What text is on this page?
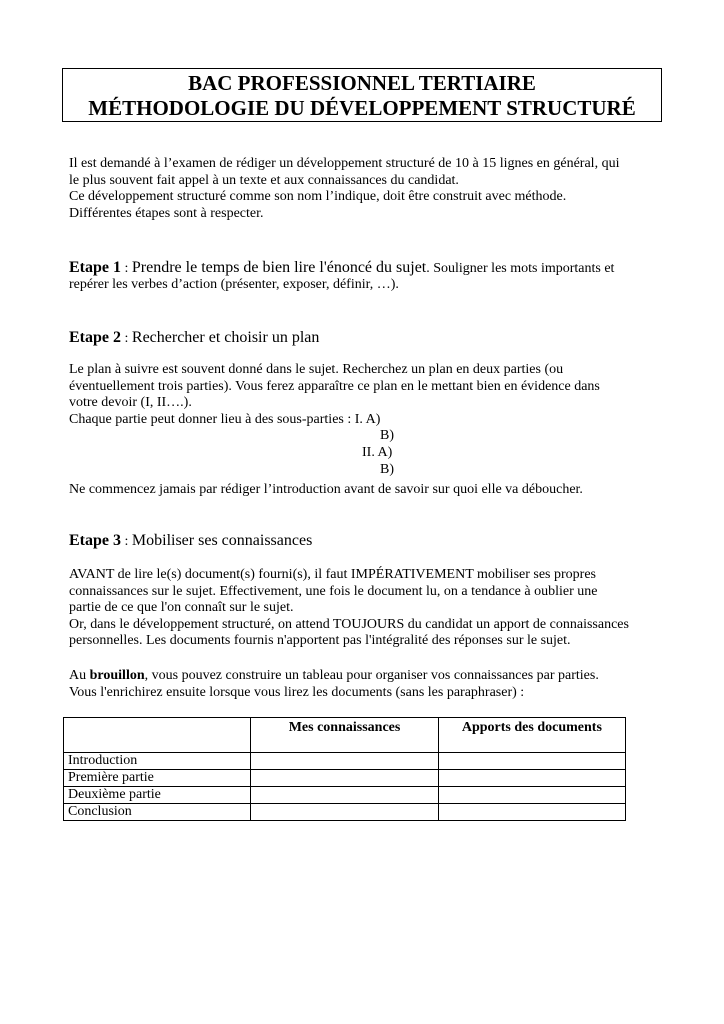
BAC PROFESSIONNEL TERTIAIRE
MÉTHODOLOGIE DU DÉVELOPPEMENT STRUCTURÉ
Il est demandé à l’examen de rédiger un développement structuré de 10 à 15 lignes en général, qui
le plus souvent fait appel à un texte et aux connaissances du candidat.
Ce développement structuré comme son nom l’indique, doit être construit avec méthode.
Différentes étapes sont à respecter.
Etape 1 : Prendre le temps de bien lire l'énoncé du sujet. Souligner les mots importants et
repérer les verbes d’action (présenter, exposer, définir, …).
Etape 2 : Rechercher et choisir un plan
Le plan à suivre est souvent donné dans le sujet. Recherchez un plan en deux parties (ou
éventuellement trois parties). Vous ferez apparaître ce plan en le mettant bien en évidence dans
votre devoir (I, II….).
Chaque partie peut donner lieu à des sous-parties : I. A)
B)
II. A)
B)
Ne commencez jamais par rédiger l’introduction avant de savoir sur quoi elle va déboucher.
Etape 3 : Mobiliser ses connaissances
AVANT de lire le(s) document(s) fourni(s), il faut IMPÉRATIVEMENT mobiliser ses propres
connaissances sur le sujet. Effectivement, une fois le document lu, on a tendance à oublier une
partie de ce que l'on connaît sur le sujet.
Or, dans le développement structuré, on attend TOUJOURS du candidat un apport de connaissances
personnelles. Les documents fournis n'apportent pas l'intégralité des réponses sur le sujet.
Au brouillon, vous pouvez construire un tableau pour organiser vos connaissances par parties.
Vous l'enrichirez ensuite lorsque vous lirez les documents (sans les paraphraser) :
	Mes connaissances	Apports des documents
Introduction		
Première partie		
Deuxième partie		
Conclusion		
